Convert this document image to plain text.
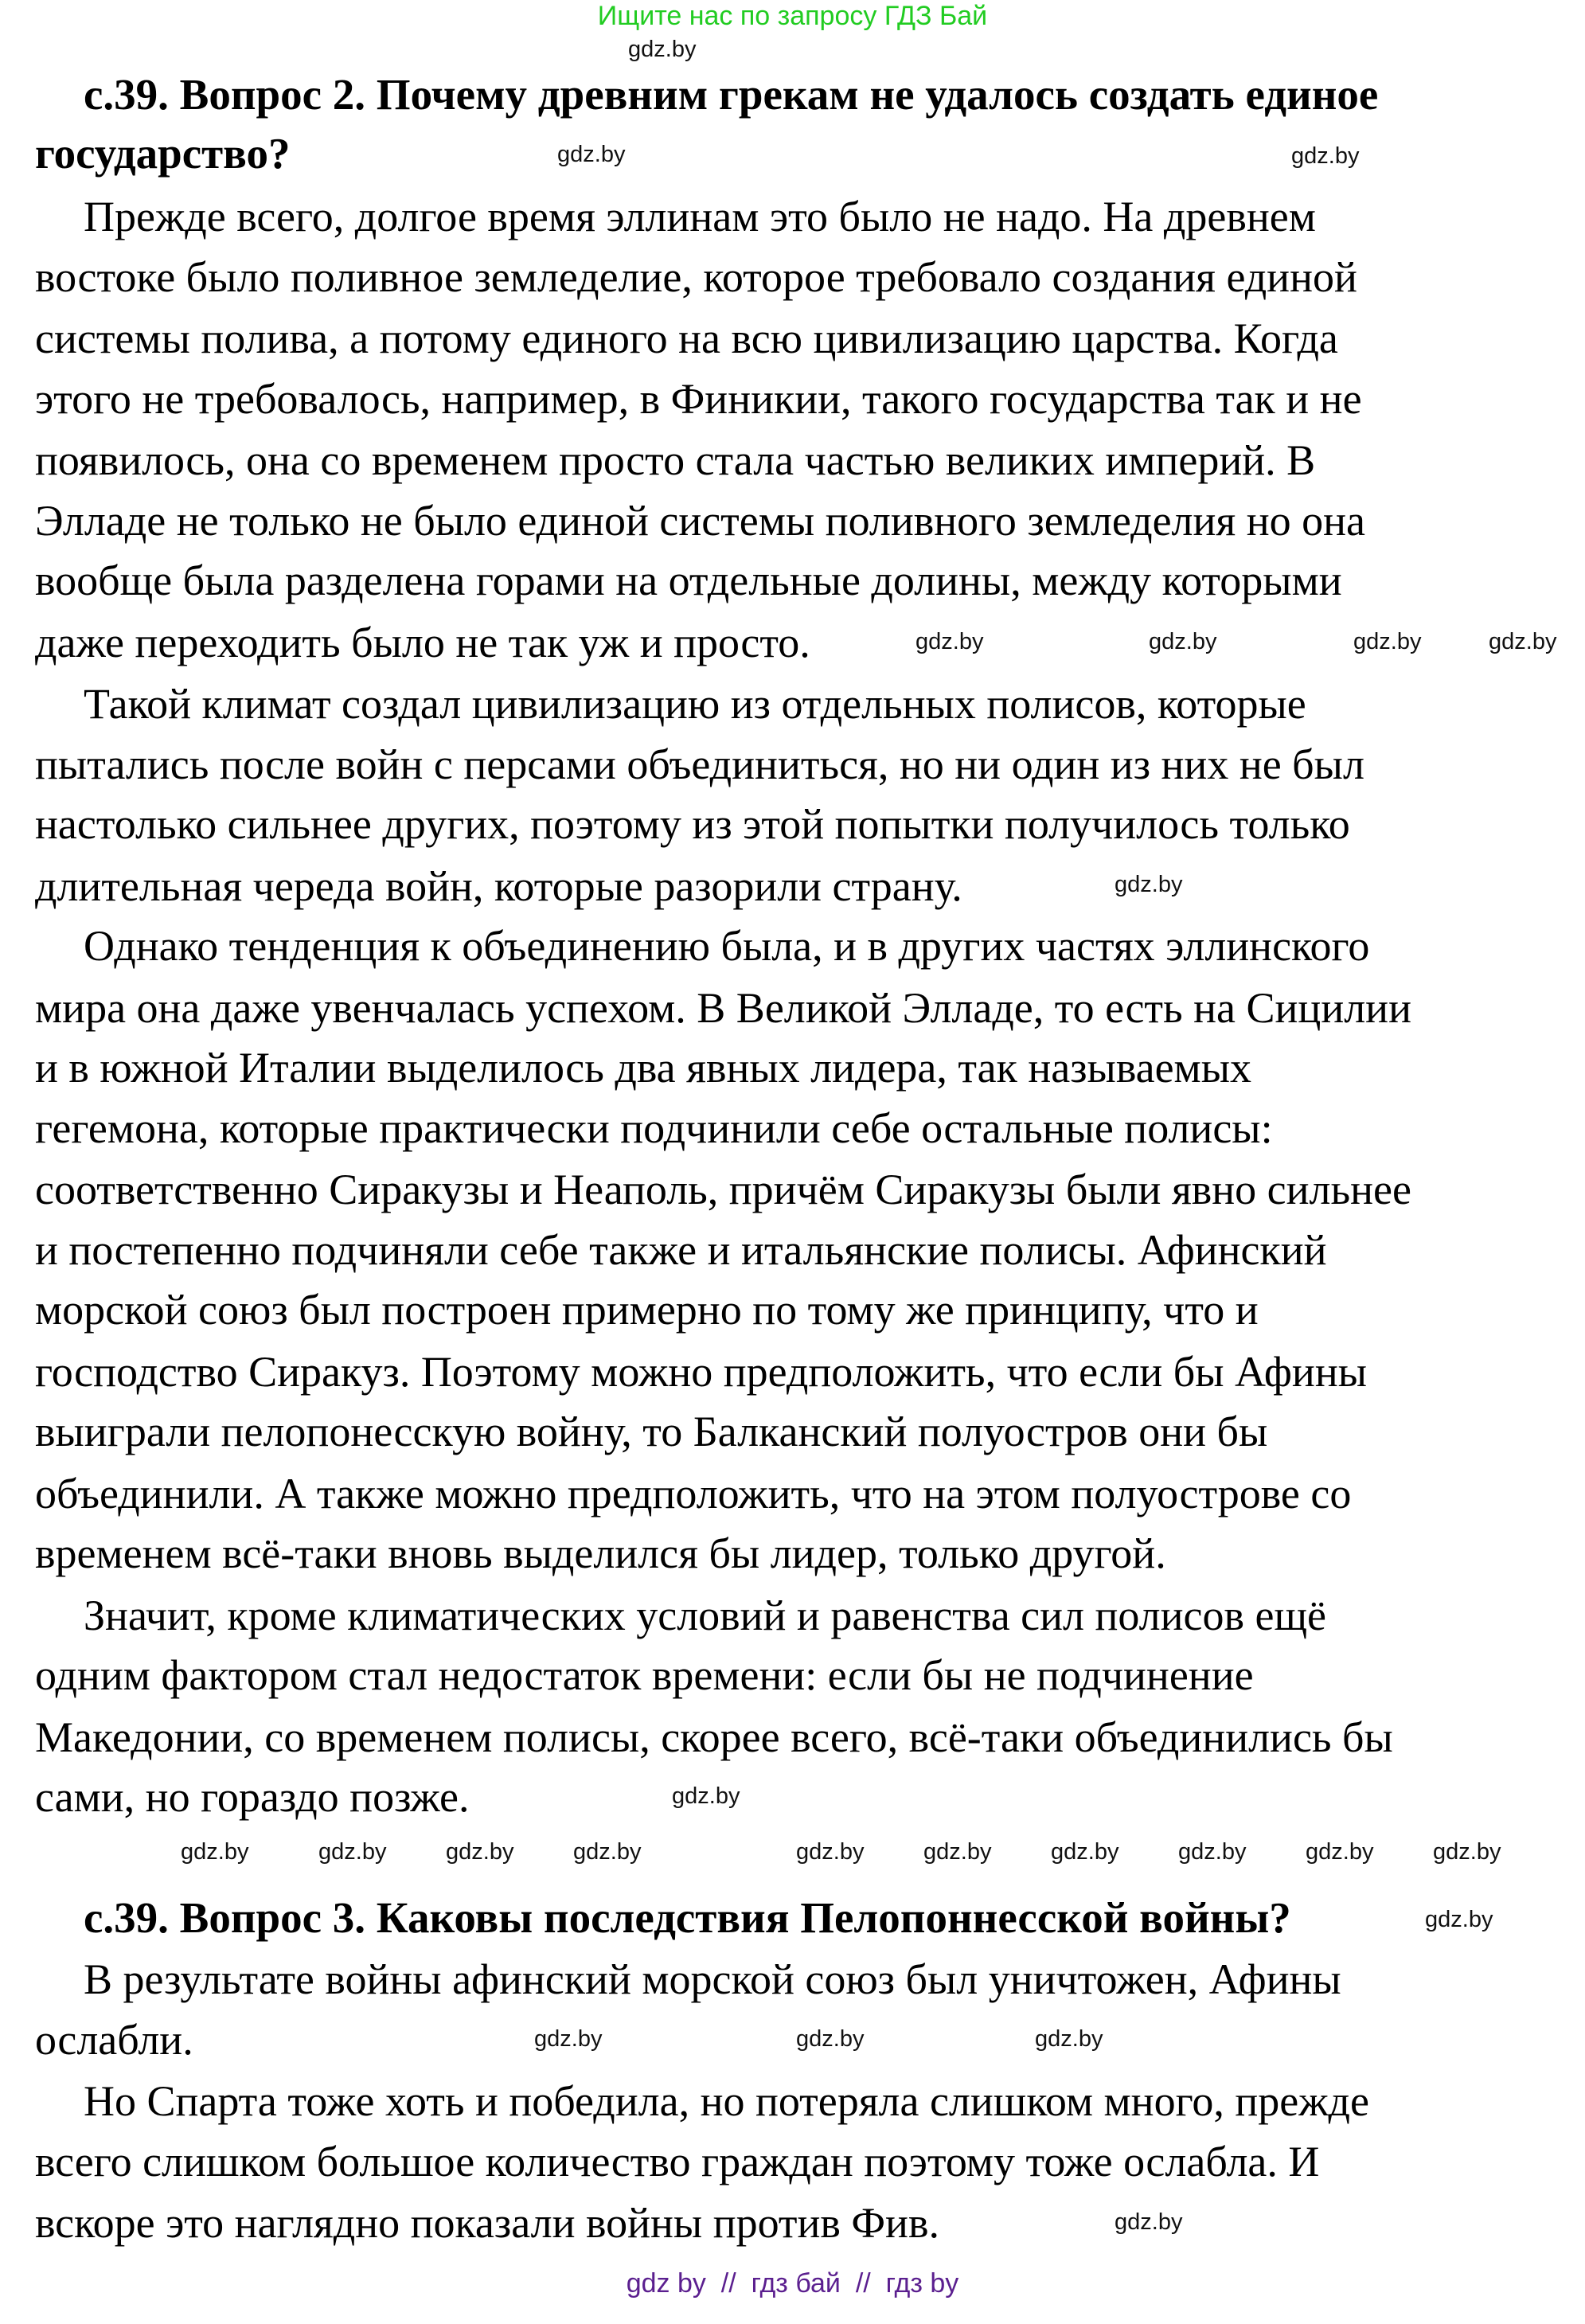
Ищите нас по запросу ГДЗ Бай
с.39. Вопрос 2. Почему древним грекам не удалось создать единое
государство?
Прежде всего, долгое время эллинам это было не надо. На древнем
востоке было поливное земледелие, которое требовало создания единой
системы полива, а потому единого на всю цивилизацию царства. Когда
этого не требовалось, например, в Финикии, такого государства так и не
появилось, она со временем просто стала частью великих империй. В
Элладе не только не было единой системы поливного земледелия но она
вообще была разделена горами на отдельные долины, между которыми
даже переходить было не так уж и просто.
Такой климат создал цивилизацию из отдельных полисов, которые
пытались после войн с персами объединиться, но ни один из них не был
настолько сильнее других, поэтому из этой попытки получилось только
длительная череда войн, которые разорили страну.
Однако тенденция к объединению была, и в других частях эллинского
мира она даже увенчалась успехом. В Великой Элладе, то есть на Сицилии
и в южной Италии выделилось два явных лидера, так называемых
гегемона, которые практически подчинили себе остальные полисы:
соответственно Сиракузы и Неаполь, причём Сиракузы были явно сильнее
и постепенно подчиняли себе также и итальянские полисы. Афинский
морской союз был построен примерно по тому же принципу, что и
господство Сиракуз. Поэтому можно предположить, что если бы Афины
выиграли пелопонесскую войну, то Балканский полуостров они бы
объединили. А также можно предположить, что на этом полуострове со
временем всё-таки вновь выделился бы лидер, только другой.
Значит, кроме климатических условий и равенства сил полисов ещё
одним фактором стал недостаток времени: если бы не подчинение
Македонии, со временем полисы, скорее всего, всё-таки объединились бы
сами, но гораздо позже.
с.39. Вопрос 3. Каковы последствия Пелопоннесской войны?
В результате войны афинский морской союз был уничтожен, Афины
ослабли.
Но Спарта тоже хоть и победила, но потеряла слишком много, прежде
всего слишком большое количество граждан поэтому тоже ослабла. И
вскоре это наглядно показали войны против Фив.
gdz.by
gdz.by	gdz.by
gdz.by	gdz.by
gdz.by
gdz.by
gdz.by	gdz.by	gdz.by
gdz.by
gdz.by	gdz.by
gdz.by
gdz.by	gdz.by	gdz.by
gdz.by
gdz.by
gdz.by
gdz.by	gdz.by	gdz.by
gdz.by
gdz by  //  гдз бай  //  гдз by
